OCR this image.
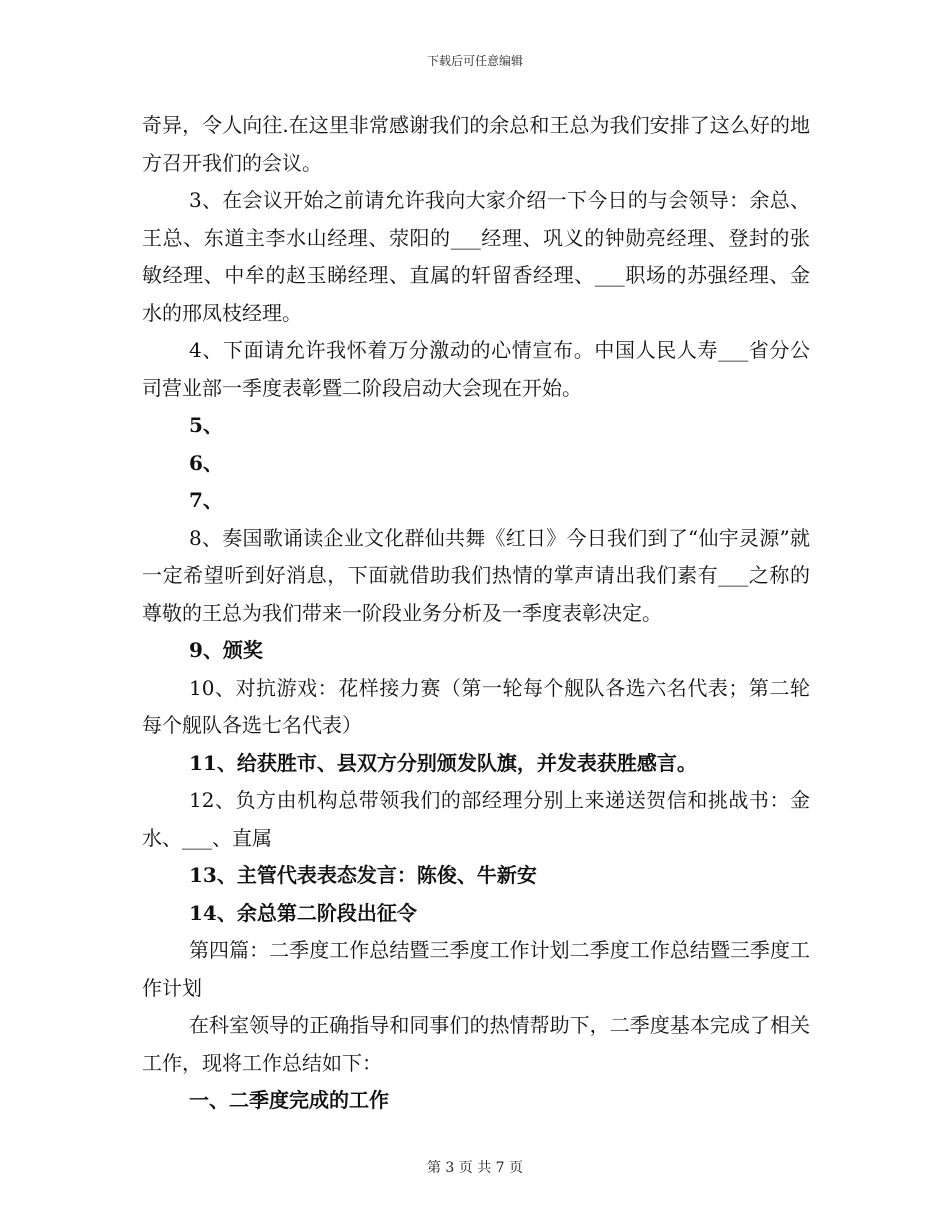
下载后可任意编辑

奇异，令人向往.在这里非常感谢我们的余总和王总为我们安排了这么好的地方召开我们的会议。

3、在会议开始之前请允许我向大家介绍一下今日的与会领导：余总、王总、东道主李水山经理、荥阳的___经理、巩义的钟勋亮经理、登封的张敏经理、中牟的赵玉睇经理、直属的轩留香经理、___职场的苏强经理、金水的邢凤枝经理。

4、下面请允许我怀着万分激动的心情宣布。中国人民人寿___省分公司营业部一季度表彰暨二阶段启动大会现在开始。

5、

6、

7、

8、奏国歌诵读企业文化群仙共舞《红日》今日我们到了“仙宇灵源”就一定希望听到好消息，下面就借助我们热情的掌声请出我们素有___之称的尊敬的王总为我们带来一阶段业务分析及一季度表彰决定。

9、颁奖

10、对抗游戏：花样接力赛（第一轮每个舰队各选六名代表；第二轮每个舰队各选七名代表）

11、给获胜市、县双方分别颁发队旗，并发表获胜感言。

12、负方由机构总带领我们的部经理分别上来递送贺信和挑战书：金水、___、直属

13、主管代表表态发言：陈俊、牛新安

14、余总第二阶段出征令

第四篇：二季度工作总结暨三季度工作计划二季度工作总结暨三季度工作计划

在科室领导的正确指导和同事们的热情帮助下，二季度基本完成了相关工作，现将工作总结如下：

一、二季度完成的工作

第 3 页 共 7 页
